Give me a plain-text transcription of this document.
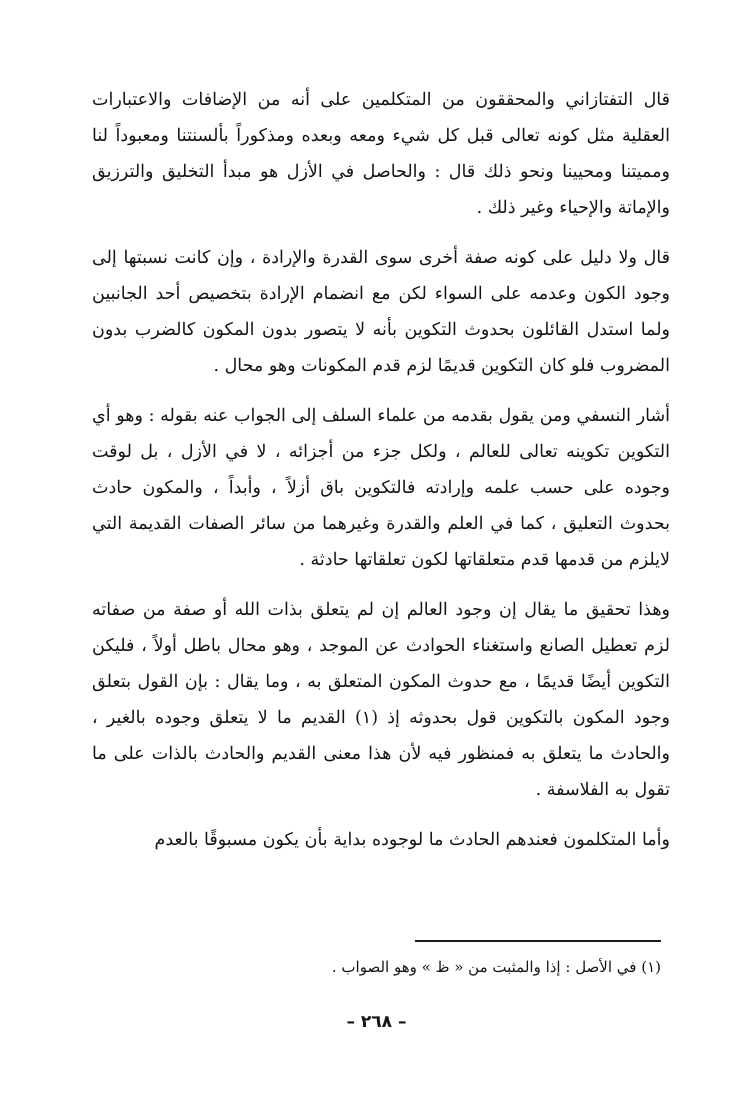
قال التفتازاني والمحققون من المتكلمين على أنه من الإضافات والاعتبارات العقلية مثل كونه تعالى قبل كل شيء ومعه وبعده ومذكوراً بألسنتنا ومعبوداً لنا ومميتنا ومحيينا ونحو ذلك قال : والحاصل في الأزل هو مبدأ التخليق والترزيق والإماتة والإحياء وغير ذلك .

قال ولا دليل على كونه صفة أخرى سوى القدرة والإرادة ، وإن كانت نسبتها إلى وجود الكون وعدمه على السواء لكن مع انضمام الإرادة بتخصيص أحد الجانبين ولما استدل القائلون بحدوث التكوين بأنه لا يتصور بدون المكون كالضرب بدون المضروب فلو كان التكوين قديمًا لزم قدم المكونات وهو محال .

أشار النسفي ومن يقول بقدمه من علماء السلف إلى الجواب عنه بقوله : وهو أي التكوين تكوينه تعالى للعالم ، ولكل جزء من أجزائه ، لا في الأزل ، بل لوقت وجوده على حسب علمه وإرادته فالتكوين باق أزلاً ، وأبداً ، والمكون حادث بحدوث التعليق ، كما في العلم والقدرة وغيرهما من سائر الصفات القديمة التي لايلزم من قدمها قدم متعلقاتها لكون تعلقاتها حادثة .

وهذا تحقيق ما يقال إن وجود العالم إن لم يتعلق بذات الله أو صفة من صفاته لزم تعطيل الصانع واستغناء الحوادث عن الموجد ، وهو محال باطل أولاً ، فليكن التكوين أيضًا قديمًا ، مع حدوث المكون المتعلق به ، وما يقال : بإن القول بتعلق وجود المكون بالتكوين قول بحدوثه إذ (١) القديم ما لا يتعلق وجوده بالغير ، والحادث ما يتعلق به فمنظور فيه لأن هذا معنى القديم والحادث بالذات على ما تقول به الفلاسفة .

وأما المتكلمون فعندهم الحادث ما لوجوده بداية بأن يكون مسبوقًا بالعدم

(١) في الأصل : إذا والمثبت من « ظ » وهو الصواب .
– ٢٦٨ –
